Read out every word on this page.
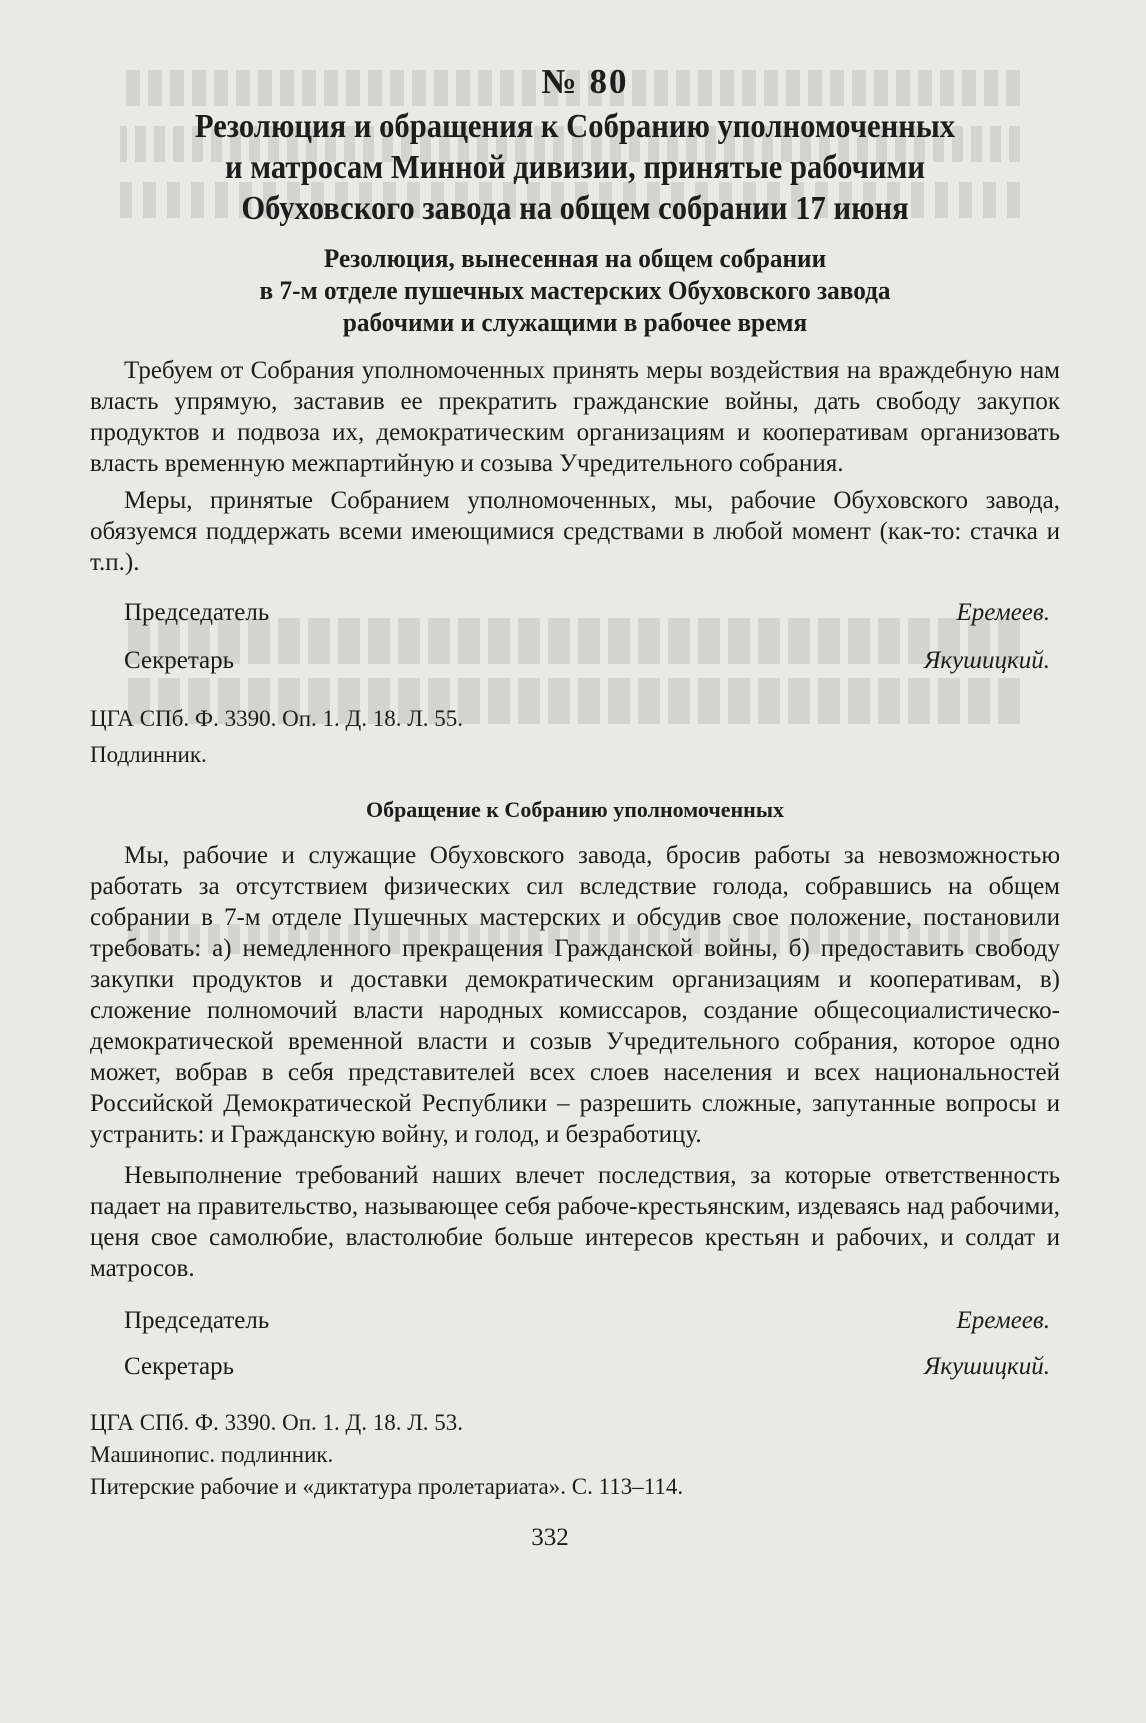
№ 80
Резолюция и обращения к Собранию уполномоченных
и матросам Минной дивизии, принятые рабочими
Обуховского завода на общем собрании 17 июня
Резолюция, вынесенная на общем собрании
в 7-м отделе пушечных мастерских Обуховского завода
рабочими и служащими в рабочее время

Требуем от Собрания уполномоченных принять меры воздействия на враждебную нам власть упрямую, заставив ее прекратить гражданские войны, дать свободу закупок продуктов и подвоза их, демократическим организациям и кооперативам организовать власть временную межпартийную и созыва Учредительного собрания.

Меры, принятые Собранием уполномоченных, мы, рабочие Обуховского завода, обязуемся поддержать всеми имеющимися средствами в любой момент (как-то: стачка и т.п.).

Председатель	Еремеев.
Секретарь	Якушицкий.
ЦГА СПб. Ф. 3390. Оп. 1. Д. 18. Л. 55.
Подлинник.
Обращение к Собранию уполномоченных

Мы, рабочие и служащие Обуховского завода, бросив работы за невозможностью работать за отсутствием физических сил вследствие голода, собравшись на общем собрании в 7-м отделе Пушечных мастерских и обсудив свое положение, постановили требовать: а) немедленного прекращения Гражданской войны, б) предоставить свободу закупки продуктов и доставки демократическим организациям и кооперативам, в) сложение полномочий власти народных комиссаров, создание общесоциалистическо-демократической временной власти и созыв Учредительного собрания, которое одно может, вобрав в себя представителей всех слоев населения и всех национальностей Российской Демократической Республики – разрешить сложные, запутанные вопросы и устранить: и Гражданскую войну, и голод, и безработицу.

Невыполнение требований наших влечет последствия, за которые ответственность падает на правительство, называющее себя рабоче-крестьянским, издеваясь над рабочими, ценя свое самолюбие, властолюбие больше интересов крестьян и рабочих, и солдат и матросов.

Председатель	Еремеев.
Секретарь	Якушицкий.
ЦГА СПб. Ф. 3390. Оп. 1. Д. 18. Л. 53.
Машинопис. подлинник.
Питерские рабочие и «диктатура пролетариата». С. 113–114.
332
